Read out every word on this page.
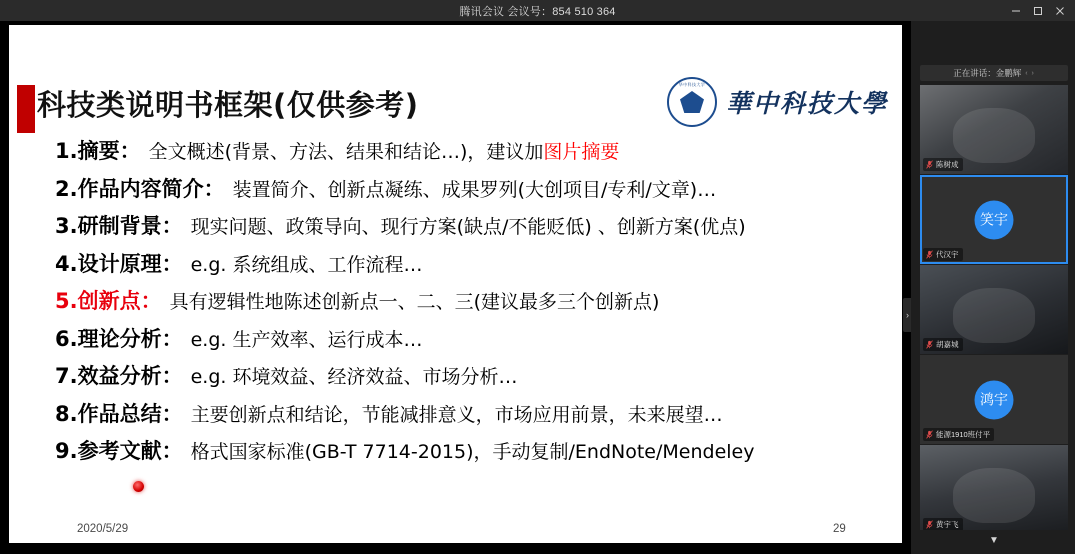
腾讯会议 会议号：854 510 364
科技类说明书框架(仅供参考)
华中科技大学
華中科技大學
1.摘要： 全文概述(背景、方法、结果和结论…)，建议加图片摘要
2.作品内容简介： 装置简介、创新点凝练、成果罗列(大创项目/专利/文章)…
3.研制背景： 现实问题、政策导向、现行方案(缺点/不能贬低) 、创新方案(优点)
4.设计原理： e.g. 系统组成、工作流程…
5.创新点： 具有逻辑性地陈述创新点一、二、三(建议最多三个创新点)
6.理论分析： e.g. 生产效率、运行成本…
7.效益分析： e.g. 环境效益、经济效益、市场分析…
8.作品总结： 主要创新点和结论，节能减排意义，市场应用前景，未来展望…
9.参考文献： 格式国家标准(GB-T 7714-2015)，手动复制/EndNote/Mendeley
2020/5/29	29
›
正在讲话：金鹏辉 ‹ ›
陈树成
笑宇
代汉宇
胡嘉城
鸿宇
能源1910班付平
黄宇飞
▼
